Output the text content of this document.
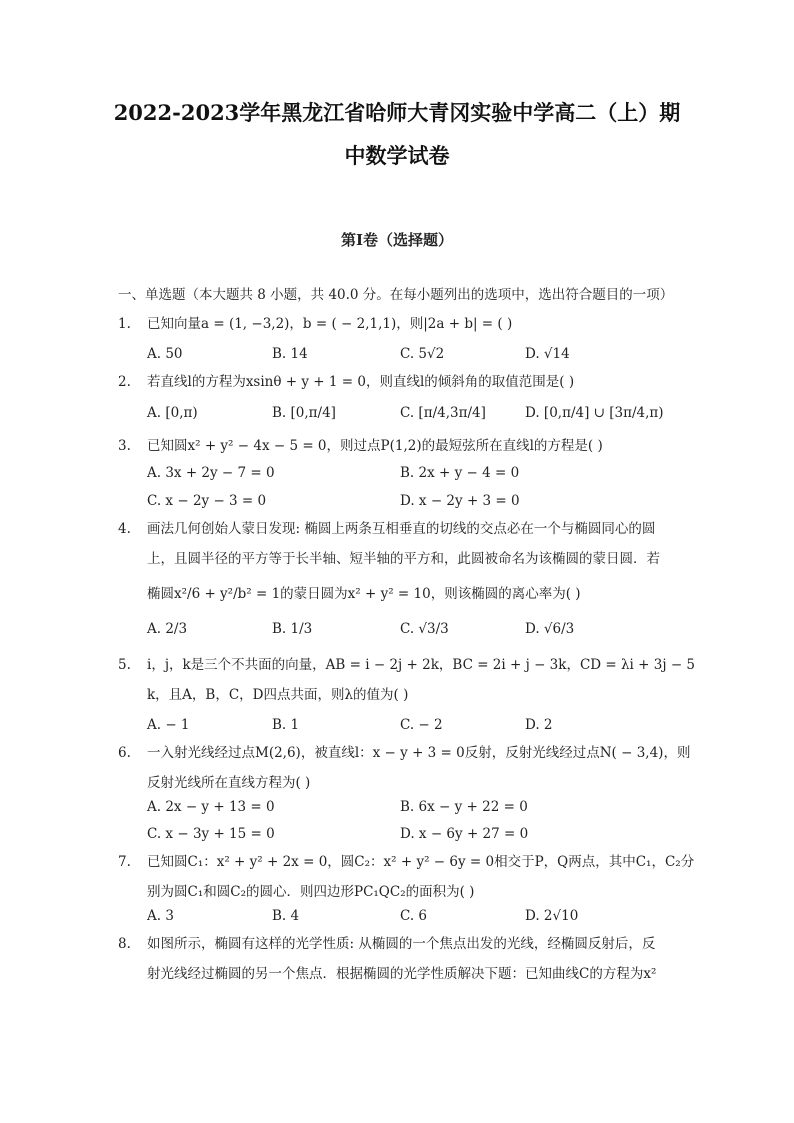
2022-2023学年黑龙江省哈师大青冈实验中学高二（上）期
中数学试卷
第Ⅰ卷（选择题）
一、单选题（本大题共 8 小题，共 40.0 分。在每小题列出的选项中，选出符合题目的一项）
1.	已知向量a = (1, −3,2)，b = ( − 2,1,1)，则|2a + b| = ( )
A. 50	B. 14	C. 5√2	D. √14
2.	若直线l的方程为xsinθ + y + 1 = 0，则直线l的倾斜角的取值范围是( )
A. [0,π)	B. [0,π/4]	C. [π/4,3π/4]	D. [0,π/4] ∪ [3π/4,π)
3.	已知圆x² + y² − 4x − 5 = 0，则过点P(1,2)的最短弦所在直线l的方程是( )
A. 3x + 2y − 7 = 0	B. 2x + y − 4 = 0
C. x − 2y − 3 = 0	D. x − 2y + 3 = 0
4.	画法几何创始人蒙日发现: 椭圆上两条互相垂直的切线的交点必在一个与椭圆同心的圆
上，且圆半径的平方等于长半轴、短半轴的平方和，此圆被命名为该椭圆的蒙日圆．若
椭圆x²/6 + y²/b² = 1的蒙日圆为x² + y² = 10，则该椭圆的离心率为( )
A. 2/3	B. 1/3	C. √3/3	D. √6/3
5.	i，j，k是三个不共面的向量，AB = i − 2j + 2k，BC = 2i + j − 3k，CD = λi + 3j − 5
k，且A，B，C，D四点共面，则λ的值为( )
A. − 1	B. 1	C. − 2	D. 2
6.	一入射光线经过点M(2,6)，被直线l：x − y + 3 = 0反射，反射光线经过点N( − 3,4)，则
反射光线所在直线方程为( )
A. 2x − y + 13 = 0	B. 6x − y + 22 = 0
C. x − 3y + 15 = 0	D. x − 6y + 27 = 0
7.	已知圆C₁：x² + y² + 2x = 0，圆C₂：x² + y² − 6y = 0相交于P，Q两点，其中C₁，C₂分
别为圆C₁和圆C₂的圆心．则四边形PC₁QC₂的面积为( )
A. 3	B. 4	C. 6	D. 2√10
8.	如图所示，椭圆有这样的光学性质: 从椭圆的一个焦点出发的光线，经椭圆反射后，反
射光线经过椭圆的另一个焦点．根据椭圆的光学性质解决下题：已知曲线C的方程为x²
